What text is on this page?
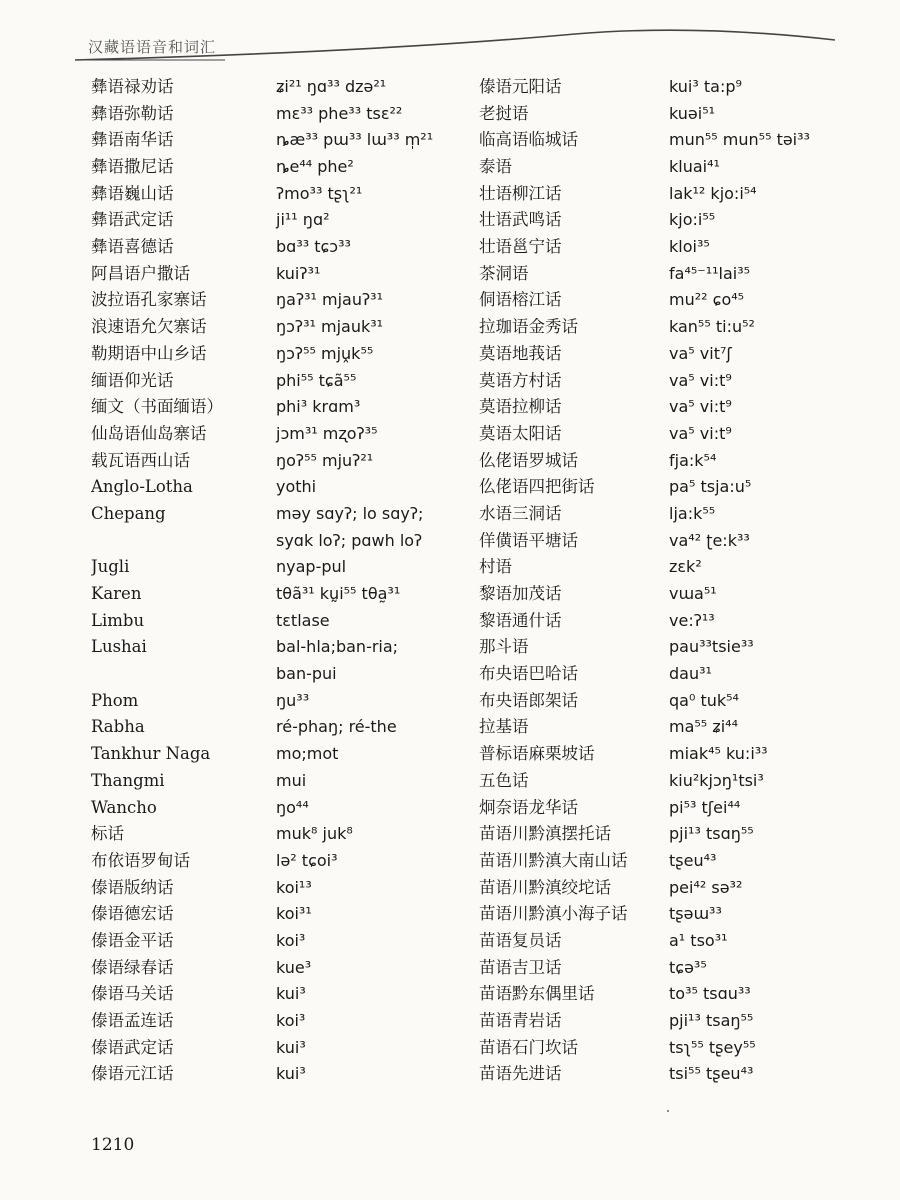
汉藏语语音和词汇
彝语禄劝话	ʑi²¹ ŋɑ³³ dzə²¹
彝语弥勒话	mɛ³³ phe³³ tsɛ²²
彝语南华话	ȵæ³³ pɯ³³ lɯ³³ m̩²¹
彝语撒尼话	ȵe⁴⁴ phe²
彝语巍山话	ʔmo³³ tʂʅ²¹
彝语武定话	ji¹¹ ŋɑ²
彝语喜德话	bɑ³³ tɕɔ³³
阿昌语户撒话	kuiʔ³¹
波拉语孔家寨话	ŋaʔ³¹ mjauʔ³¹
浪速语允欠寨话	ŋɔʔ³¹ mjauk³¹
勒期语中山乡话	ŋɔʔ⁵⁵ mjṷk⁵⁵
缅语仰光话	phi⁵⁵ tɕã⁵⁵
缅文（书面缅语）	phi³ krɑm³
仙岛语仙岛寨话	jɔm³¹ mʐoʔ³⁵
载瓦语西山话	ŋoʔ⁵⁵ mjuʔ²¹
Anglo-Lotha	yothi
Chepang	məy sɑyʔ; lo sɑyʔ;
syɑk loʔ; pɑwh loʔ
Jugli	nyap-pul
Karen	tθã³¹ kṵi⁵⁵ tθa̰³¹
Limbu	tɛtlase
Lushai	bal-hla;ban-ria;
ban-pui
Phom	ŋu³³
Rabha	ré-phaŋ; ré-the
Tankhur Naga	mo;mot
Thangmi	mui
Wancho	ŋo⁴⁴
标话	muk⁸ juk⁸
布依语罗甸话	lə² tɕoi³
傣语版纳话	koi¹³
傣语德宏话	koi³¹
傣语金平话	koi³
傣语绿春话	kue³
傣语马关话	kui³
傣语孟连话	koi³
傣语武定话	kui³
傣语元江话	kui³
傣语元阳话	kui³ ta:p⁹
老挝语	kuəi⁵¹
临高语临城话	mun⁵⁵ mun⁵⁵ təi³³
泰语	kluai⁴¹
壮语柳江话	lak¹² kjo:i⁵⁴
壮语武鸣话	kjo:i⁵⁵
壮语邕宁话	kloi³⁵
茶洞语	fa⁴⁵⁻¹¹lai³⁵
侗语榕江话	mu²² ɕo⁴⁵
拉珈语金秀话	kan⁵⁵ ti:u⁵²
莫语地莪话	va⁵ vit⁷ʃ
莫语方村话	va⁵ vi:t⁹
莫语拉柳话	va⁵ vi:t⁹
莫语太阳话	va⁵ vi:t⁹
仫佬语罗城话	fja:k⁵⁴
仫佬语四把街话	pa⁵ tsja:u⁵
水语三洞话	lja:k⁵⁵
佯僙语平塘话	va⁴² ʈe:k³³
村语	zɛk²
黎语加茂话	vɯa⁵¹
黎语通什话	ve:ʔ¹³
那斗语	pau³³tsie³³
布央语巴哈话	dau³¹
布央语郎架话	qa⁰ tuk⁵⁴
拉基语	ma⁵⁵ ʑi⁴⁴
普标语麻栗坡话	miak⁴⁵ ku:i³³
五色话	kiu²kjɔŋ¹tsi³
炯奈语龙华话	pi⁵³ tʃei⁴⁴
苗语川黔滇摆托话	pji¹³ tsɑŋ⁵⁵
苗语川黔滇大南山话	tʂeu⁴³
苗语川黔滇绞坨话	pei⁴² sə³²
苗语川黔滇小海子话	tʂəɯ³³
苗语复员话	a¹ tso³¹
苗语吉卫话	tɕə³⁵
苗语黔东偶里话	to³⁵ tsɑu³³
苗语青岩话	pji¹³ tsaŋ⁵⁵
苗语石门坎话	tsʅ⁵⁵ tʂey⁵⁵
苗语先进话	tsi⁵⁵ tʂeu⁴³
1210
